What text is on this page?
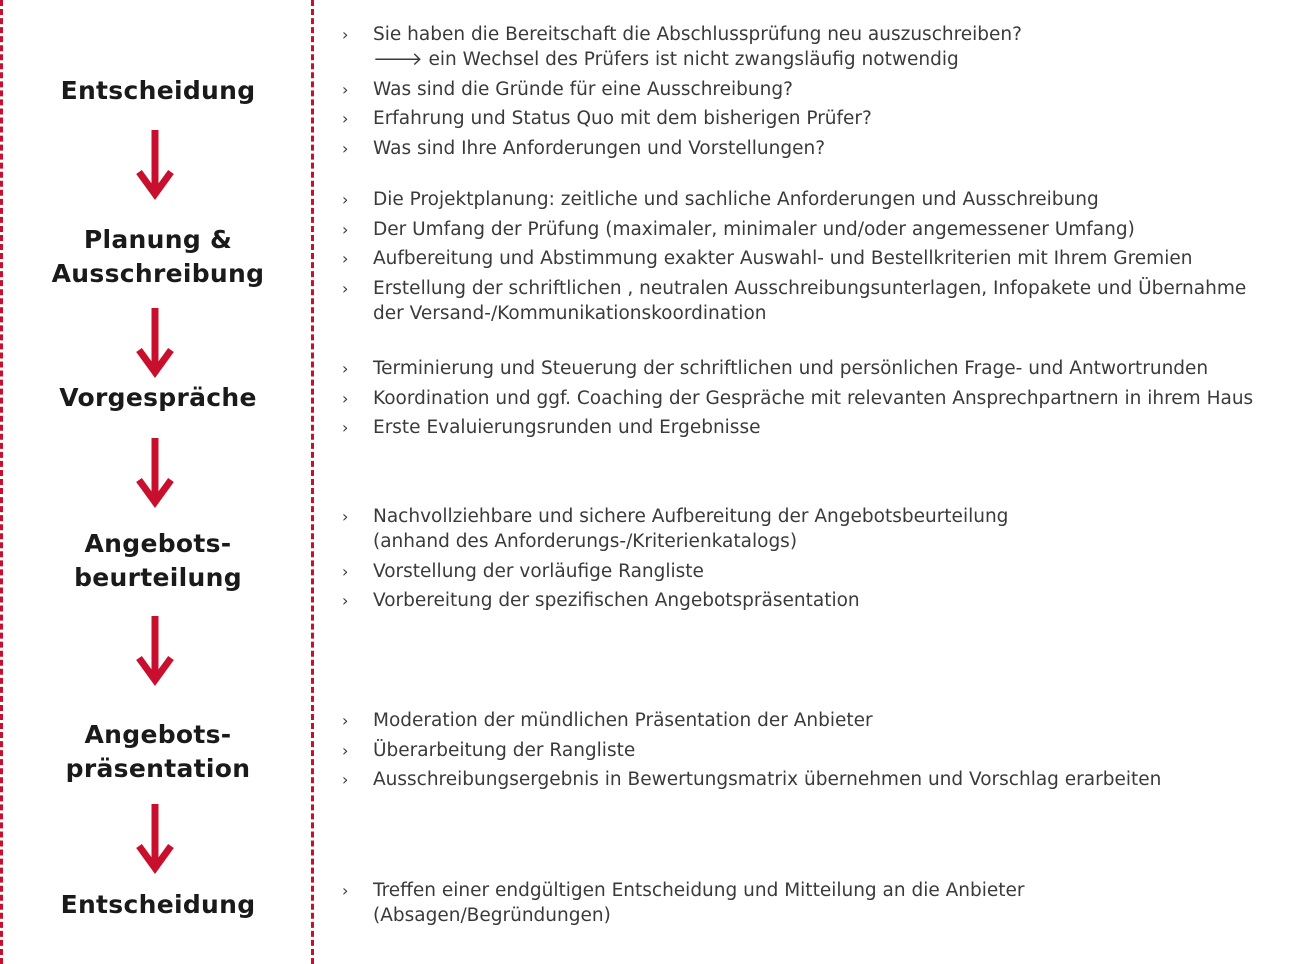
Entscheidung
Planung &
Ausschreibung
Vorgespräche
Angebots-
beurteilung
Angebots-
präsentation
Entscheidung
› Sie haben die Bereitschaft die Abschlussprüfung neu auszuschreiben?
🡒 ein Wechsel des Prüfers ist nicht zwangsläufig notwendig
› Was sind die Gründe für eine Ausschreibung?
› Erfahrung und Status Quo mit dem bisherigen Prüfer?
› Was sind Ihre Anforderungen und Vorstellungen?
› Die Projektplanung: zeitliche und sachliche Anforderungen und Ausschreibung
› Der Umfang der Prüfung (maximaler, minimaler und/oder angemessener Umfang)
› Aufbereitung und Abstimmung exakter Auswahl- und Bestellkriterien mit Ihrem Gremien
› Erstellung der schriftlichen , neutralen Ausschreibungsunterlagen, Infopakete und Übernahme
der Versand-/Kommunikationskoordination
› Terminierung und Steuerung der schriftlichen und persönlichen Frage- und Antwortrunden
› Koordination und ggf. Coaching der Gespräche mit relevanten Ansprechpartnern in ihrem Haus
› Erste Evaluierungsrunden und Ergebnisse
› Nachvollziehbare und sichere Aufbereitung der Angebotsbeurteilung
(anhand des Anforderungs-/Kriterienkatalogs)
› Vorstellung der vorläufige Rangliste
› Vorbereitung der spezifischen Angebotspräsentation
› Moderation der mündlichen Präsentation der Anbieter
› Überarbeitung der Rangliste
› Ausschreibungsergebnis in Bewertungsmatrix übernehmen und Vorschlag erarbeiten
› Treffen einer endgültigen Entscheidung und Mitteilung an die Anbieter
(Absagen/Begründungen)
